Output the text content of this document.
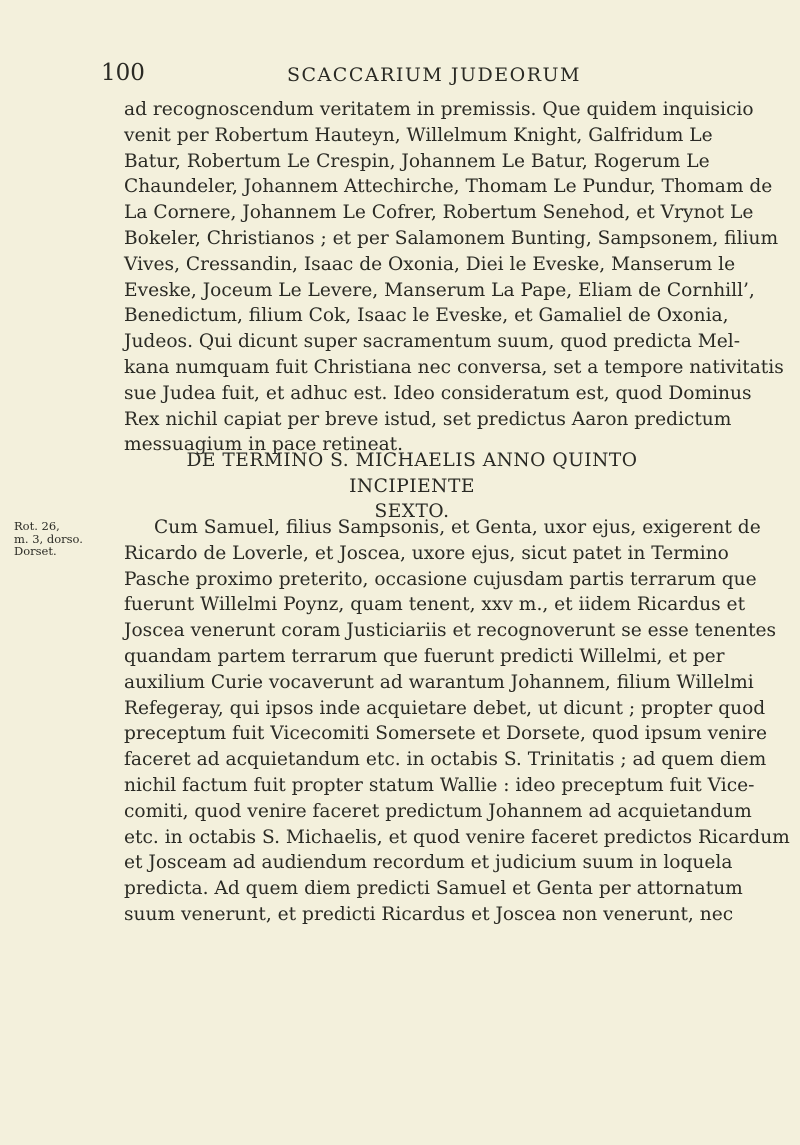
100	SCACCARIUM JUDEORUM
ad recognoscendum veritatem in premissis. Que quidem inquisicio
venit per Robertum Hauteyn, Willelmum Knight, Galfridum Le
Batur, Robertum Le Crespin, Johannem Le Batur, Rogerum Le
Chaundeler, Johannem Attechirche, Thomam Le Pundur, Thomam de
La Cornere, Johannem Le Cofrer, Robertum Senehod, et Vrynot Le
Bokeler, Christianos ; et per Salamonem Bunting, Sampsonem, filium
Vives, Cressandin, Isaac de Oxonia, Diei le Eveske, Manserum le
Eveske, Joceum Le Levere, Manserum La Pape, Eliam de Cornhill’,
Benedictum, filium Cok, Isaac le Eveske, et Gamaliel de Oxonia,
Judeos. Qui dicunt super sacramentum suum, quod predicta Mel-
kana numquam fuit Christiana nec conversa, set a tempore nativitatis
sue Judea fuit, et adhuc est. Ideo consideratum est, quod Dominus
Rex nichil capiat per breve istud, set predictus Aaron predictum
messuagium in pace retineat.
DE TERMINO S. MICHAELIS ANNO QUINTO INCIPIENTE
SEXTO.
Rot. 26,
m. 3, dorso.
Dorset.
Cum Samuel, filius Sampsonis, et Genta, uxor ejus, exigerent de
Ricardo de Loverle, et Joscea, uxore ejus, sicut patet in Termino
Pasche proximo preterito, occasione cujusdam partis terrarum que
fuerunt Willelmi Poynz, quam tenent, xxv m., et iidem Ricardus et
Joscea venerunt coram Justiciariis et recognoverunt se esse tenentes
quandam partem terrarum que fuerunt predicti Willelmi, et per
auxilium Curie vocaverunt ad warantum Johannem, filium Willelmi
Refegeray, qui ipsos inde acquietare debet, ut dicunt ; propter quod
preceptum fuit Vicecomiti Somersete et Dorsete, quod ipsum venire
faceret ad acquietandum etc. in octabis S. Trinitatis ; ad quem diem
nichil factum fuit propter statum Wallie : ideo preceptum fuit Vice-
comiti, quod venire faceret predictum Johannem ad acquietandum
etc. in octabis S. Michaelis, et quod venire faceret predictos Ricardum
et Josceam ad audiendum recordum et judicium suum in loquela
predicta. Ad quem diem predicti Samuel et Genta per attornatum
suum venerunt, et predicti Ricardus et Joscea non venerunt, nec
